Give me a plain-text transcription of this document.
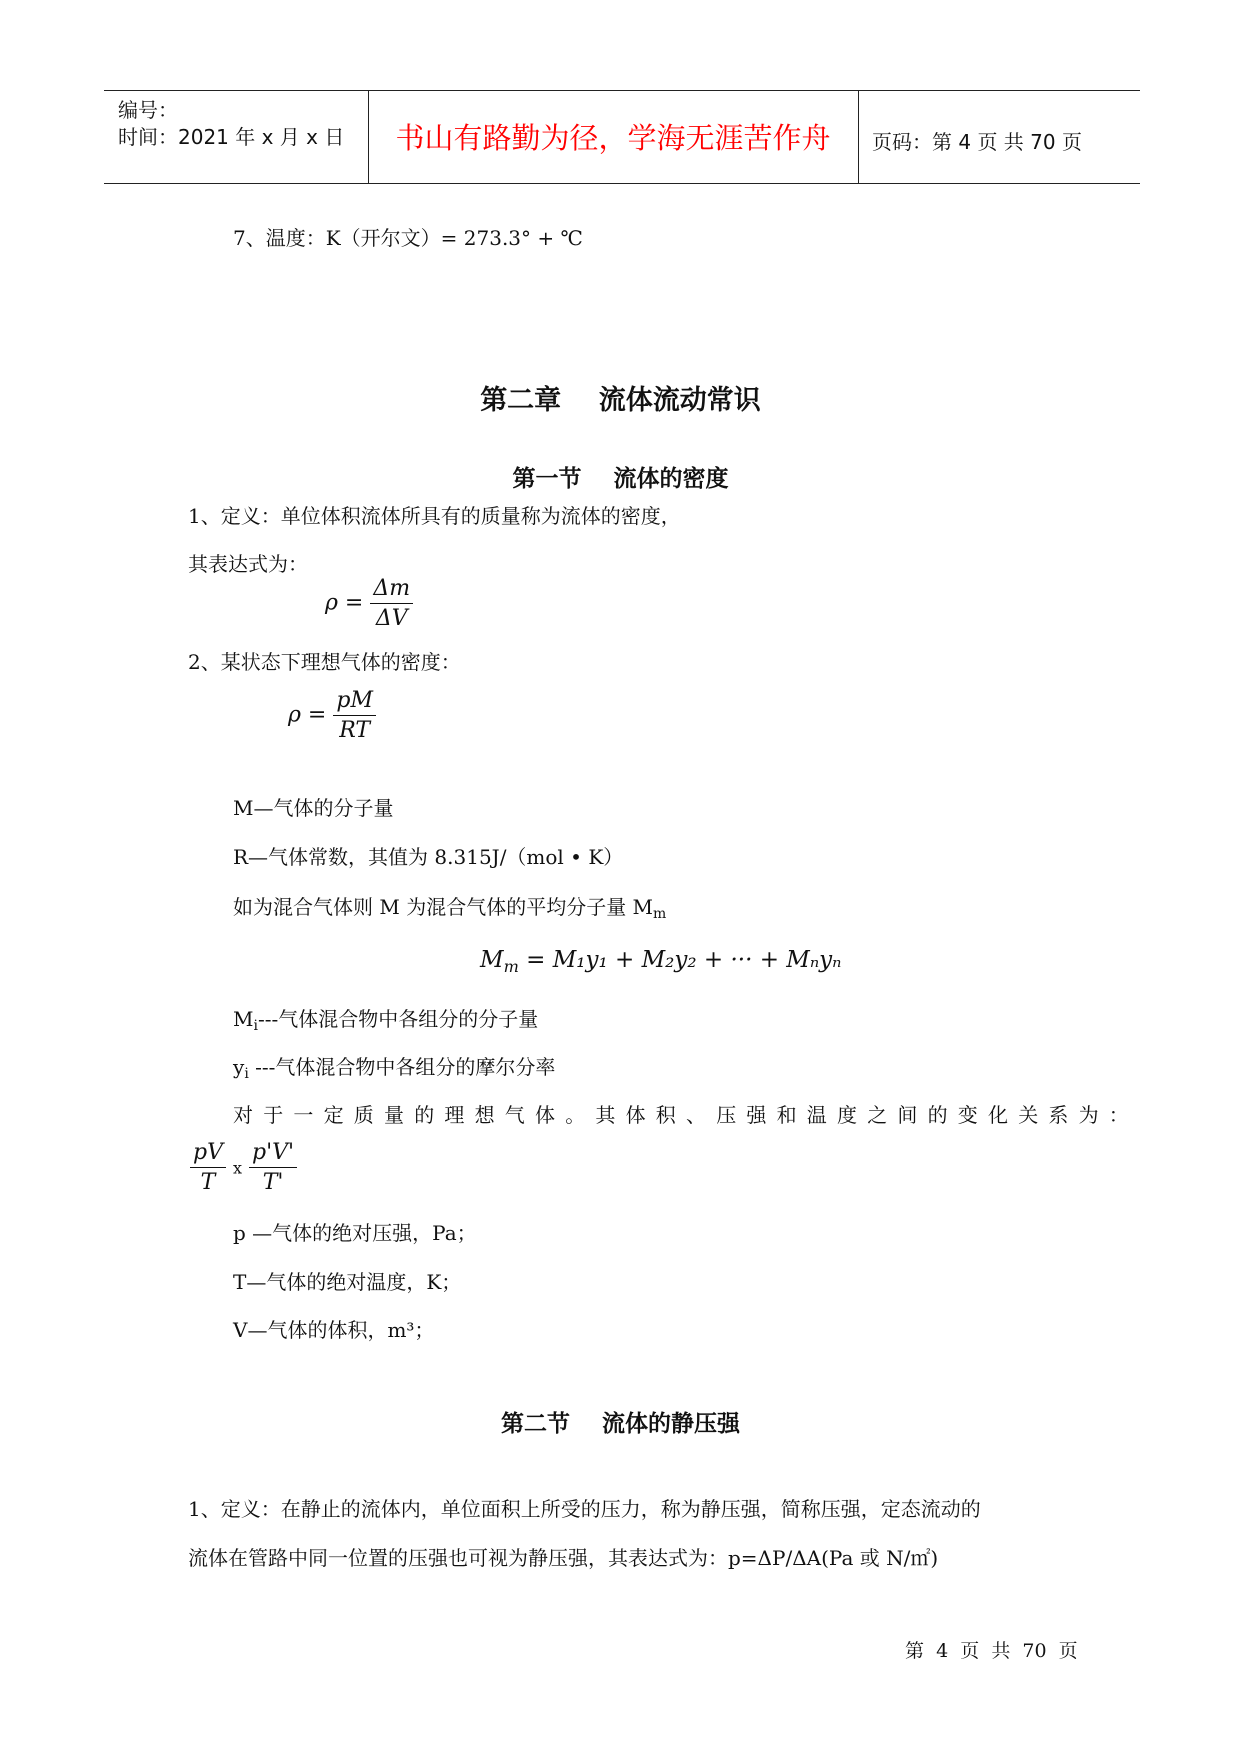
编号：
时间：2021 年 x 月 x 日	书山有路勤为径，学海无涯苦作舟	页码：第 4 页 共 70 页
7、温度：K（开尔文）= 273.3° + ℃
第二章    流体流动常识
第一节    流体的密度
1、定义：单位体积流体所具有的质量称为流体的密度，
其表达式为：
$\rho = \frac{\Delta m}{\Delta V}$
2、某状态下理想气体的密度：
$\rho = \frac{pM}{RT}$
M—气体的分子量
R—气体常数，其值为 8.315J/（mol • K）
如为混合气体则 M 为混合气体的平均分子量 $M_m$
$M_m = M_1y_1 + M_2y_2$ + ··· + Mₙyₙ
$M_i---$气体混合物中各组分的分子量
$y_i$ ---气体混合物中各组分的摩尔分率
对于一定质量的理想气体。其体积、压强和温度之间的变化关系为：
$\frac{pV}{T}$ ⅹ $\frac{p'V'}{T'}$
p —气体的绝对压强，Pa；
T—气体的绝对温度，K；
V—气体的体积，m³；
第二节    流体的静压强
1、定义：在静止的流体内，单位面积上所受的压力，称为静压强，简称压强，定态流动的
流体在管路中同一位置的压强也可视为静压强，其表达式为：p=ΔP/ΔA(Pa 或 N/㎡)
第  4  页  共  70  页
